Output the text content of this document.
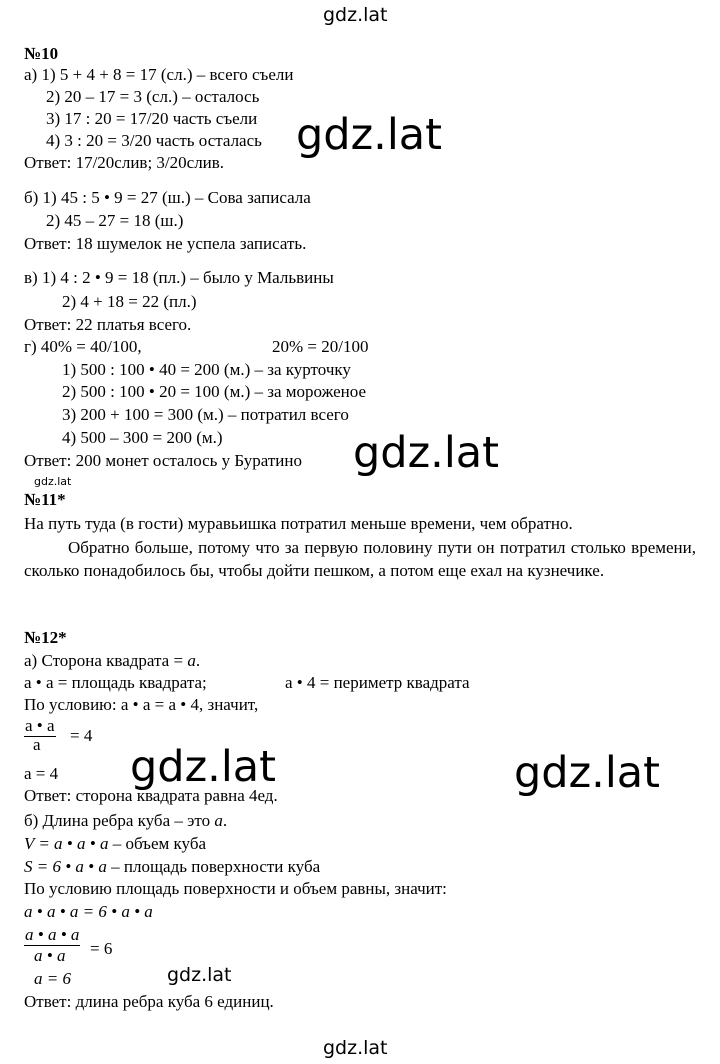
gdz.lat
№10
а) 1) 5 + 4 + 8 = 17 (сл.) – всего съели
2) 20 – 17 = 3 (сл.) – осталось
3) 17 : 20 = 17/20 часть съели
4) 3 : 20 = 3/20 часть осталась
Ответ: 17/20слив; 3/20слив.
gdz.lat
б) 1) 45 : 5 • 9 = 27 (ш.) – Сова записала
2) 45 – 27 = 18 (ш.)
Ответ: 18 шумелок не успела записать.
в) 1) 4 : 2 • 9 = 18 (пл.) – было у Мальвины
2) 4 + 18 = 22 (пл.)
Ответ: 22 платья всего.
г) 40% = 40/100,	20% = 20/100
1) 500 : 100 • 40 = 200 (м.) – за курточку
2) 500 : 100 • 20 = 100 (м.) – за мороженое
3) 200 + 100 = 300 (м.) – потратил всего
4) 500 – 300 = 200 (м.)
Ответ: 200 монет осталось у Буратино gdz.lat
gdz.lat
№11*
На путь туда (в гости) муравьишка потратил меньше времени, чем обратно.
Обратно больше, потому что за первую половину пути он потратил столько времени, сколько понадобилось бы, чтобы дойти пешком, а потом еще ехал на кузнечике.
№12*
а) Сторона квадрата = a.
а • а = площадь квадрата;	а • 4 = периметр квадрата
По условию: а • а = а • 4, значит,
а • а
а = 4
а = 4 gdz.lat	gdz.lat
Ответ: сторона квадрата равна 4ед.
б) Длина ребра куба – это a.
V = a • a • a – объем куба
S = 6 • a • a – площадь поверхности куба
По условию площадь поверхности и объем равны, значит:
a • a • a = 6 • a • a
a • a • a
a • a = 6
a = 6	gdz.lat
Ответ: длина ребра куба 6 единиц.
gdz.lat
